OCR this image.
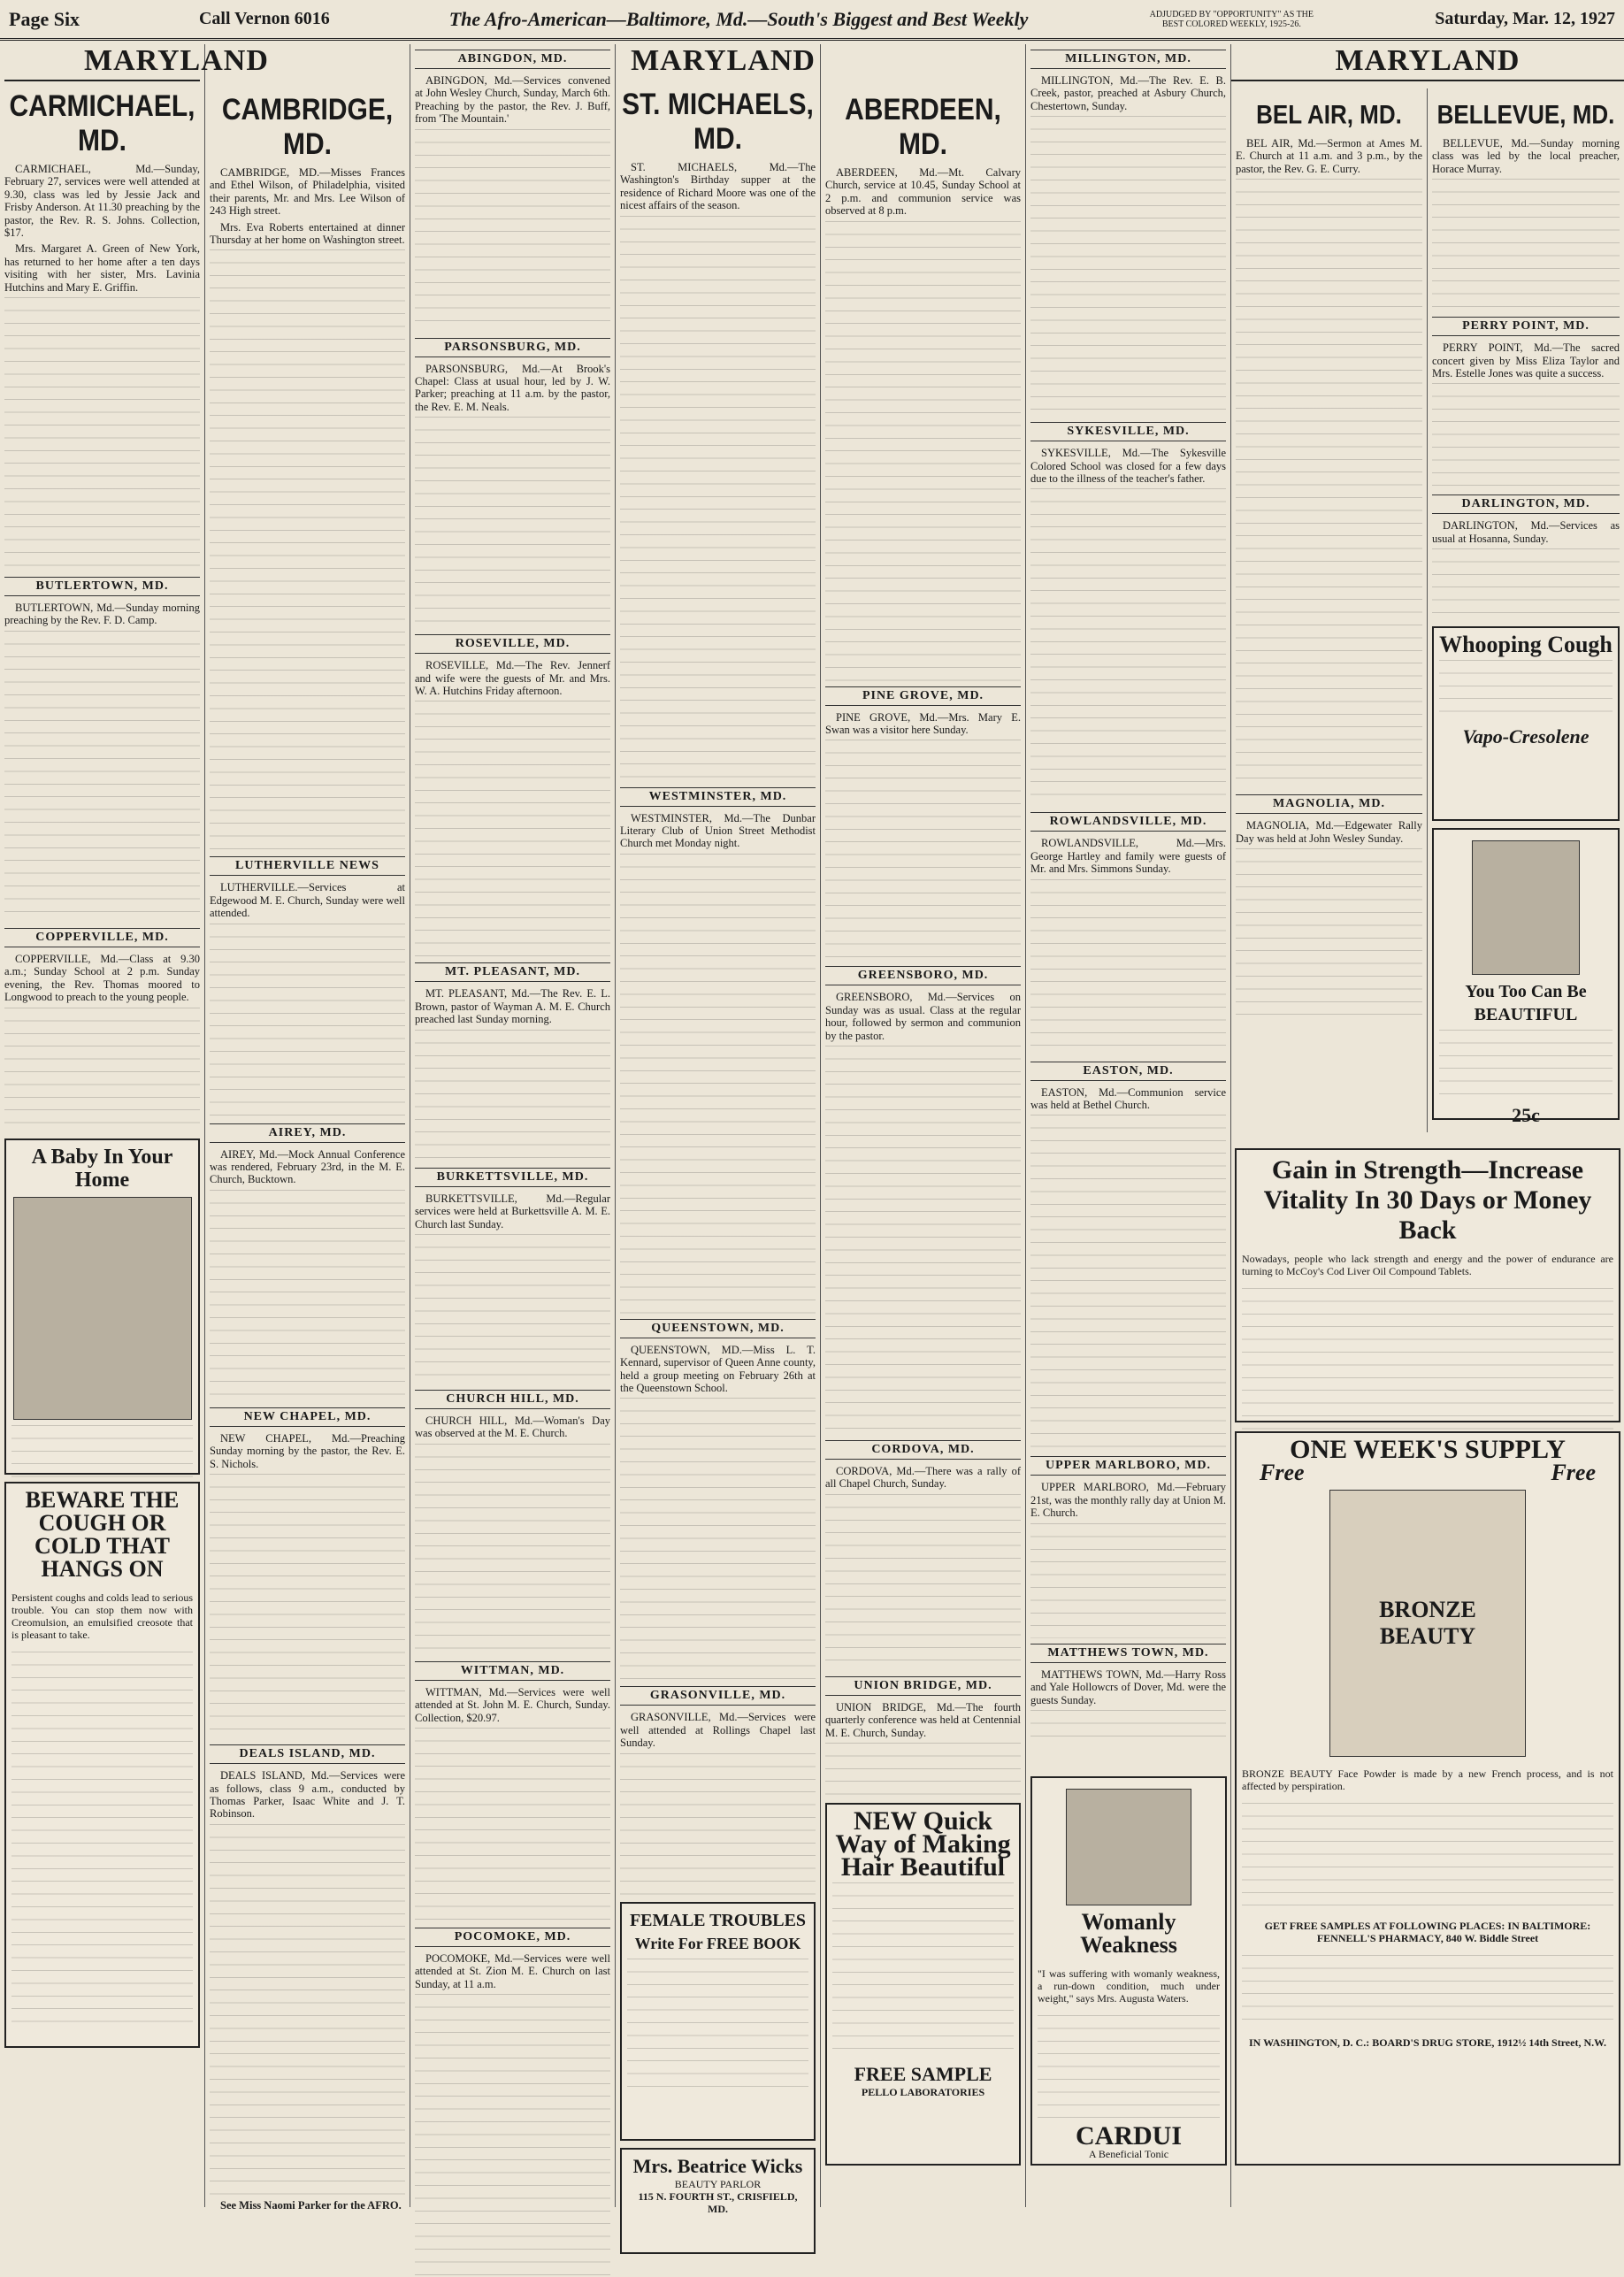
Page Six	Call Vernon 6016	The Afro-American—Baltimore, Md.—South's Biggest and Best Weekly	ADJUDGED BY "OPPORTUNITY" AS THE BEST COLORED WEEKLY, 1925-26.	Saturday, Mar. 12, 1927
MARYLAND
CARMICHAEL, MD.

CARMICHAEL, Md.—Sunday, February 27, services were well attended at 9.30, class was led by Jessie Jack and Frisby Anderson. At 11.30 preaching by the pastor, the Rev. R. S. Johns. Collection, $17.

Mrs. Margaret A. Green of New York, has returned to her home after a ten days visiting with her sister, Mrs. Lavinia Hutchins and Mary E. Griffin.

BUTLERTOWN, MD.

BUTLERTOWN, Md.—Sunday morning preaching by the Rev. F. D. Camp.

COPPERVILLE, MD.

COPPERVILLE, Md.—Class at 9.30 a.m.; Sunday School at 2 p.m. Sunday evening, the Rev. Thomas moored to Longwood to preach to the young people.

A Baby In Your Home
BEWARE THE COUGH OR COLD THAT HANGS ON

Persistent coughs and colds lead to serious trouble. You can stop them now with Creomulsion, an emulsified creosote that is pleasant to take.

CAMBRIDGE, MD.

CAMBRIDGE, MD.—Misses Frances and Ethel Wilson, of Philadelphia, visited their parents, Mr. and Mrs. Lee Wilson of 243 High street.

Mrs. Eva Roberts entertained at dinner Thursday at her home on Washington street.

LUTHERVILLE NEWS

LUTHERVILLE.—Services at Edgewood M. E. Church, Sunday were well attended.

AIREY, MD.

AIREY, Md.—Mock Annual Conference was rendered, February 23rd, in the M. E. Church, Bucktown.

NEW CHAPEL, MD.

NEW CHAPEL, Md.—Preaching Sunday morning by the pastor, the Rev. E. S. Nichols.

DEALS ISLAND, MD.

DEALS ISLAND, Md.—Services were as follows, class 9 a.m., conducted by Thomas Parker, Isaac White and J. T. Robinson.

See Miss Naomi Parker for the AFRO.

ABINGDON, MD.

ABINGDON, Md.—Services convened at John Wesley Church, Sunday, March 6th. Preaching by the pastor, the Rev. J. Buff, from 'The Mountain.'

PARSONSBURG, MD.

PARSONSBURG, Md.—At Brook's Chapel: Class at usual hour, led by J. W. Parker; preaching at 11 a.m. by the pastor, the Rev. E. M. Neals.

ROSEVILLE, MD.

ROSEVILLE, Md.—The Rev. Jennerf and wife were the guests of Mr. and Mrs. W. A. Hutchins Friday afternoon.

MT. PLEASANT, MD.

MT. PLEASANT, Md.—The Rev. E. L. Brown, pastor of Wayman A. M. E. Church preached last Sunday morning.

BURKETTSVILLE, MD.

BURKETTSVILLE, Md.—Regular services were held at Burkettsville A. M. E. Church last Sunday.

CHURCH HILL, MD.

CHURCH HILL, Md.—Woman's Day was observed at the M. E. Church.

WITTMAN, MD.

WITTMAN, Md.—Services were well attended at St. John M. E. Church, Sunday. Collection, $20.97.

POCOMOKE, MD.

POCOMOKE, Md.—Services were well attended at St. Zion M. E. Church on last Sunday, at 11 a.m.

MARYLAND
ST. MICHAELS, MD.

ST. MICHAELS, Md.—The Washington's Birthday supper at the residence of Richard Moore was one of the nicest affairs of the season.

WESTMINSTER, MD.

WESTMINSTER, Md.—The Dunbar Literary Club of Union Street Methodist Church met Monday night.

QUEENSTOWN, MD.

QUEENSTOWN, MD.—Miss L. T. Kennard, supervisor of Queen Anne county, held a group meeting on February 26th at the Queenstown School.

GRASONVILLE, MD.

GRASONVILLE, Md.—Services were well attended at Rollings Chapel last Sunday.

FEMALE TROUBLES
Write For FREE BOOK
Mrs. Beatrice Wicks
BEAUTY PARLOR
115 N. FOURTH ST., CRISFIELD, MD.
ABERDEEN, MD.

ABERDEEN, Md.—Mt. Calvary Church, service at 10.45, Sunday School at 2 p.m. and communion service was observed at 8 p.m.

PINE GROVE, MD.

PINE GROVE, Md.—Mrs. Mary E. Swan was a visitor here Sunday.

GREENSBORO, MD.

GREENSBORO, Md.—Services on Sunday was as usual. Class at the regular hour, followed by sermon and communion by the pastor.

CORDOVA, MD.

CORDOVA, Md.—There was a rally of all Chapel Church, Sunday.

UNION BRIDGE, MD.

UNION BRIDGE, Md.—The fourth quarterly conference was held at Centennial M. E. Church, Sunday.

NEW Quick Way of Making Hair Beautiful
FREE SAMPLE
PELLO LABORATORIES
MILLINGTON, MD.

MILLINGTON, Md.—The Rev. E. B. Creek, pastor, preached at Asbury Church, Chestertown, Sunday.

SYKESVILLE, MD.

SYKESVILLE, Md.—The Sykesville Colored School was closed for a few days due to the illness of the teacher's father.

ROWLANDSVILLE, MD.

ROWLANDSVILLE, Md.—Mrs. George Hartley and family were guests of Mr. and Mrs. Simmons Sunday.

EASTON, MD.

EASTON, Md.—Communion service was held at Bethel Church.

UPPER MARLBORO, MD.

UPPER MARLBORO, Md.—February 21st, was the monthly rally day at Union M. E. Church.

MATTHEWS TOWN, MD.

MATTHEWS TOWN, Md.—Harry Ross and Yale Hollowcrs of Dover, Md. were the guests Sunday.

Womanly Weakness

"I was suffering with womanly weakness, a run-down condition, much under weight," says Mrs. Augusta Waters.

CARDUI
A Beneficial Tonic
MARYLAND
BEL AIR, MD.

BEL AIR, Md.—Sermon at Ames M. E. Church at 11 a.m. and 3 p.m., by the pastor, the Rev. G. E. Curry.

MAGNOLIA, MD.

MAGNOLIA, Md.—Edgewater Rally Day was held at John Wesley Sunday.

BELLEVUE, MD.

BELLEVUE, Md.—Sunday morning class was led by the local preacher, Horace Murray.

PERRY POINT, MD.

PERRY POINT, Md.—The sacred concert given by Miss Eliza Taylor and Mrs. Estelle Jones was quite a success.

DARLINGTON, MD.

DARLINGTON, Md.—Services as usual at Hosanna, Sunday.

Whooping Cough
Vapo-Cresolene
You Too Can Be BEAUTIFUL
25c
Gain in Strength—Increase Vitality In 30 Days or Money Back

Nowadays, people who lack strength and energy and the power of endurance are turning to McCoy's Cod Liver Oil Compound Tablets.

ONE WEEK'S SUPPLY
Free	Free
BRONZE BEAUTY

BRONZE BEAUTY Face Powder is made by a new French process, and is not affected by perspiration.

GET FREE SAMPLES AT FOLLOWING PLACES: IN BALTIMORE: FENNELL'S PHARMACY, 840 W. Biddle Street

IN WASHINGTON, D. C.: BOARD'S DRUG STORE, 1912½ 14th Street, N.W.
